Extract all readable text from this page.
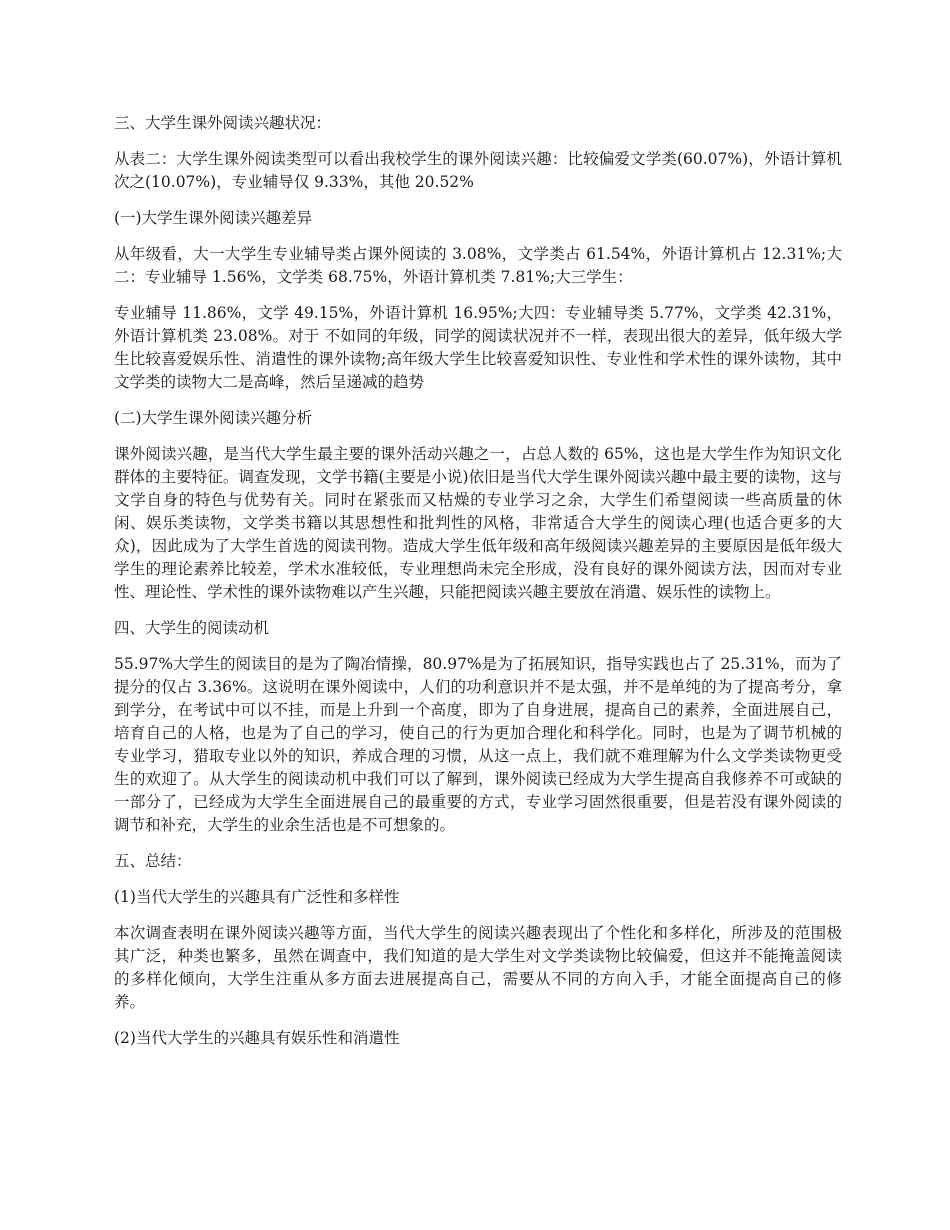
三、大学生课外阅读兴趣状况：

从表二：大学生课外阅读类型可以看出我校学生的课外阅读兴趣：比较偏爱文学类(60.07%)，外语计算机次之(10.07%)，专业辅导仅 9.33%，其他 20.52%

(一)大学生课外阅读兴趣差异

从年级看，大一大学生专业辅导类占课外阅读的 3.08%，文学类占 61.54%，外语计算机占 12.31%;大二：专业辅导 1.56%，文学类 68.75%，外语计算机类 7.81%;大三学生：

专业辅导 11.86%，文学 49.15%，外语计算机 16.95%;大四：专业辅导类 5.77%，文学类 42.31%，外语计算机类 23.08%。对于 不如同的年级，同学的阅读状况并不一样，表现出很大的差异，低年级大学生比较喜爱娱乐性、消遣性的课外读物;高年级大学生比较喜爱知识性、专业性和学术性的课外读物，其中文学类的读物大二是高峰，然后呈递减的趋势

(二)大学生课外阅读兴趣分析

课外阅读兴趣，是当代大学生最主要的课外活动兴趣之一，占总人数的 65%，这也是大学生作为知识文化群体的主要特征。调查发现，文学书籍(主要是小说)依旧是当代大学生课外阅读兴趣中最主要的读物，这与文学自身的特色与优势有关。同时在紧张而又枯燥的专业学习之余，大学生们希望阅读一些高质量的休闲、娱乐类读物，文学类书籍以其思想性和批判性的风格，非常适合大学生的阅读心理(也适合更多的大众)，因此成为了大学生首选的阅读刊物。造成大学生低年级和高年级阅读兴趣差异的主要原因是低年级大学生的理论素养比较差，学术水准较低，专业理想尚未完全形成，没有良好的课外阅读方法，因而对专业性、理论性、学术性的课外读物难以产生兴趣，只能把阅读兴趣主要放在消遣、娱乐性的读物上。

四、大学生的阅读动机

55.97%大学生的阅读目的是为了陶冶情操，80.97%是为了拓展知识，指导实践也占了 25.31%，而为了提分的仅占 3.36%。这说明在课外阅读中，人们的功利意识并不是太强，并不是单纯的为了提高考分，拿到学分，在考试中可以不挂，而是上升到一个高度，即为了自身进展，提高自己的素养，全面进展自己，培育自己的人格，也是为了自己的学习，使自己的行为更加合理化和科学化。同时，也是为了调节机械的专业学习，猎取专业以外的知识，养成合理的习惯，从这一点上，我们就不难理解为什么文学类读物更受生的欢迎了。从大学生的阅读动机中我们可以了解到，课外阅读已经成为大学生提高自我修养不可或缺的一部分了，已经成为大学生全面进展自己的最重要的方式，专业学习固然很重要，但是若没有课外阅读的调节和补充，大学生的业余生活也是不可想象的。

五、总结：

(1)当代大学生的兴趣具有广泛性和多样性

本次调查表明在课外阅读兴趣等方面，当代大学生的阅读兴趣表现出了个性化和多样化，所涉及的范围极其广泛，种类也繁多，虽然在调查中，我们知道的是大学生对文学类读物比较偏爱，但这并不能掩盖阅读的多样化倾向，大学生注重从多方面去进展提高自己，需要从不同的方向入手，才能全面提高自己的修养。

(2)当代大学生的兴趣具有娱乐性和消遣性
